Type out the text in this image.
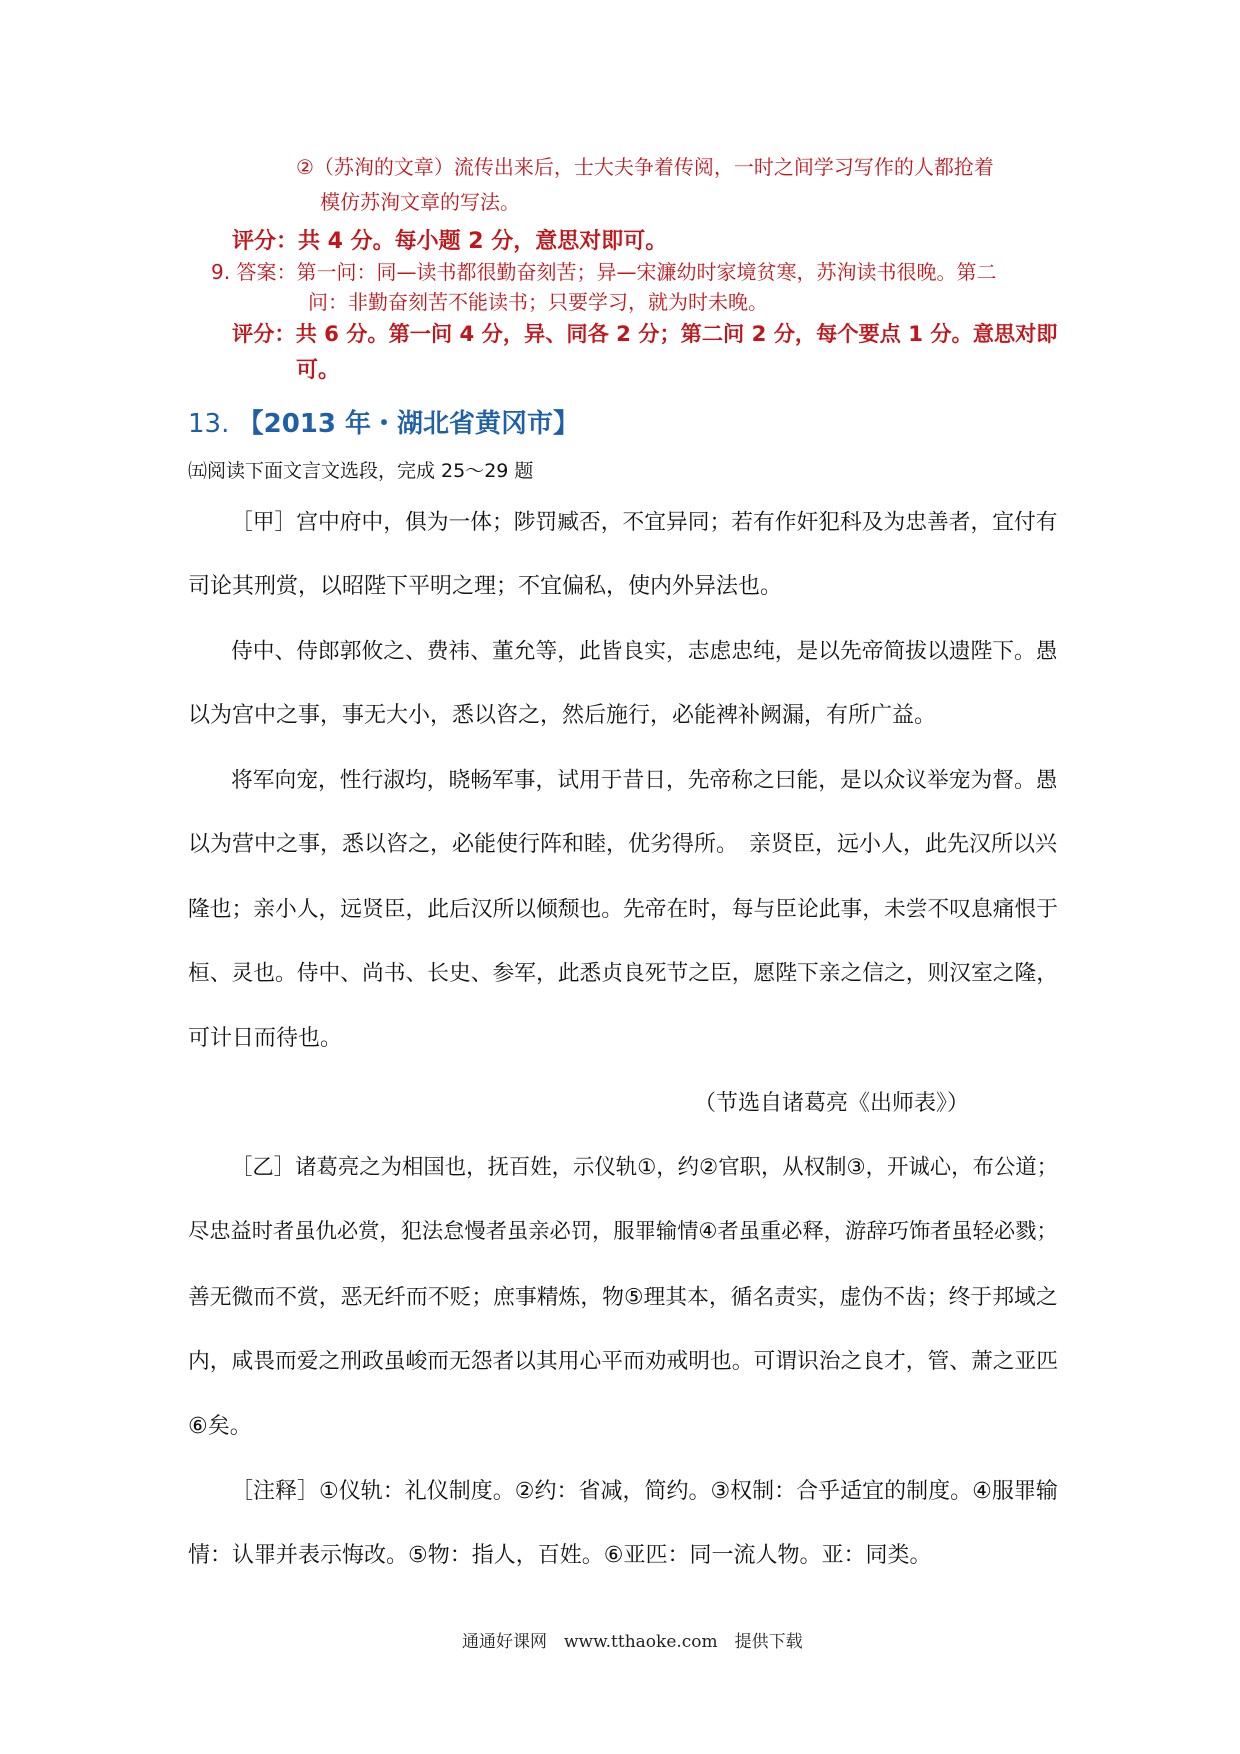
②（苏洵的文章）流传出来后，士大夫争着传阅，一时之间学习写作的人都抢着
模仿苏洵文章的写法。
评分：共 4 分。每小题 2 分，意思对即可。
9. 答案：第一问：同—读书都很勤奋刻苦；异—宋濂幼时家境贫寒，苏洵读书很晚。第二
问：非勤奋刻苦不能读书；只要学习，就为时未晚。
评分：共 6 分。第一问 4 分，异、同各 2 分；第二问 2 分，每个要点 1 分。意思对即
可。
13. 【2013 年・湖北省黄冈市】
㈤阅读下面文言文选段，完成 25～29 题
［甲］宫中府中，俱为一体；陟罚臧否，不宜异同；若有作奸犯科及为忠善者，宜付有
司论其刑赏，以昭陛下平明之理；不宜偏私，使内外异法也。
侍中、侍郎郭攸之、费祎、董允等，此皆良实，志虑忠纯，是以先帝简拔以遗陛下。愚
以为宫中之事，事无大小，悉以咨之，然后施行，必能裨补阙漏，有所广益。
将军向宠，性行淑均，晓畅军事，试用于昔日，先帝称之曰能，是以众议举宠为督。愚
以为营中之事，悉以咨之，必能使行阵和睦，优劣得所。　亲贤臣，远小人，此先汉所以兴
隆也；亲小人，远贤臣，此后汉所以倾颓也。先帝在时，每与臣论此事，未尝不叹息痛恨于
桓、灵也。侍中、尚书、长史、参军，此悉贞良死节之臣，愿陛下亲之信之，则汉室之隆，
可计日而待也。
（节选自诸葛亮《出师表》）
［乙］诸葛亮之为相国也，抚百姓，示仪轨①，约②官职，从权制③，开诚心，布公道；
尽忠益时者虽仇必赏，犯法怠慢者虽亲必罚，服罪输情④者虽重必释，游辞巧饰者虽轻必戮；
善无微而不赏，恶无纤而不贬；庶事精炼，物⑤理其本，循名责实，虚伪不齿；终于邦域之
内，咸畏而爱之刑政虽峻而无怨者以其用心平而劝戒明也。可谓识治之良才，管、萧之亚匹
⑥矣。
［注释］①仪轨：礼仪制度。②约：省减，简约。③权制：合乎适宜的制度。④服罪输
情：认罪并表示悔改。⑤物：指人，百姓。⑥亚匹：同一流人物。亚：同类。
通通好课网　www.tthaoke.com　提供下载
